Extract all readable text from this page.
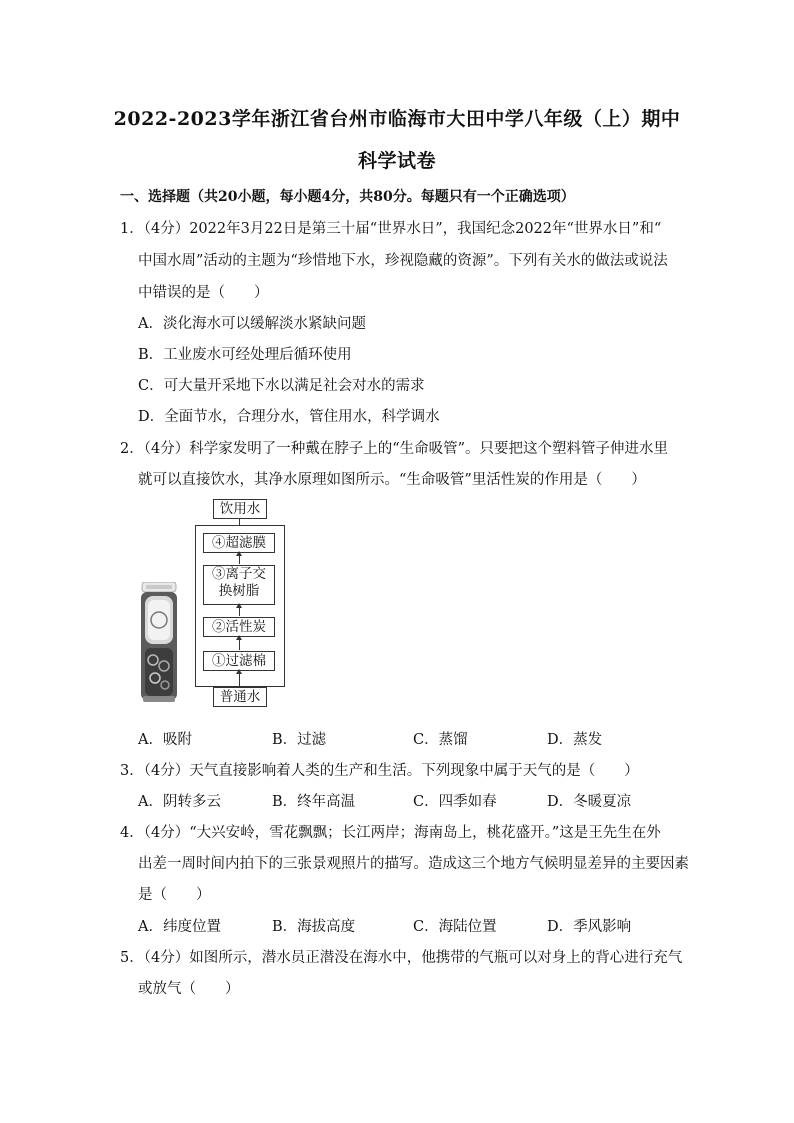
2022-2023学年浙江省台州市临海市大田中学八年级（上）期中
科学试卷
一、选择题（共20小题，每小题4分，共80分。每题只有一个正确选项）
1．（4分）2022年3月22日是第三十届“世界水日”，我国纪念2022年“世界水日”和“
中国水周”活动的主题为“珍惜地下水，珍视隐藏的资源”。下列有关水的做法或说法
中错误的是（　　）
A．淡化海水可以缓解淡水紧缺问题
B．工业废水可经处理后循环使用
C．可大量开采地下水以满足社会对水的需求
D．全面节水，合理分水，管住用水，科学调水
2．（4分）科学家发明了一种戴在脖子上的“生命吸管”。只要把这个塑料管子伸进水里
就可以直接饮水，其净水原理如图所示。“生命吸管”里活性炭的作用是（　　）
饮用水
④超滤膜
③离子交
换树脂
②活性炭
①过滤棉
普通水
A．吸附	B．过滤	C．蒸馏	D．蒸发
3．（4分）天气直接影响着人类的生产和生活。下列现象中属于天气的是（　　）
A．阴转多云	B．终年高温	C．四季如春	D．冬暖夏凉
4．（4分）“大兴安岭，雪花飘飘；长江两岸；海南岛上，桃花盛开。”这是王先生在外
出差一周时间内拍下的三张景观照片的描写。造成这三个地方气候明显差异的主要因素
是（　　）
A．纬度位置	B．海拔高度	C．海陆位置	D．季风影响
5．（4分）如图所示，潜水员正潜没在海水中，他携带的气瓶可以对身上的背心进行充气
或放气（　　）
